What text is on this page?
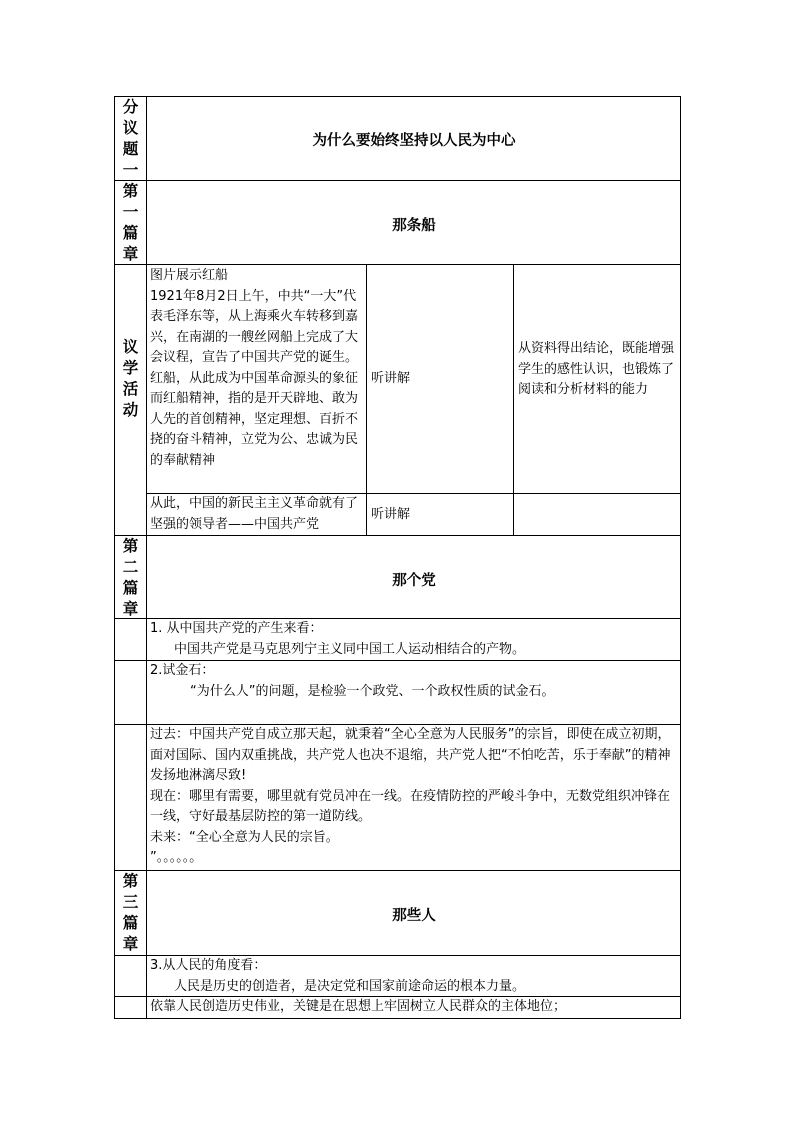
分
议
题
一
为什么要始终坚持以人民为中心
第
一
篇
章
那条船
议
学
活
动

图片展示红船

1921年8月2日上午，中共“一大”代表毛泽东等，从上海乘火车转移到嘉兴，在南湖的一艘丝网船上完成了大会议程，宣告了中国共产党的诞生。红船，从此成为中国革命源头的象征

而红船精神，指的是开天辟地、敢为人先的首创精神，坚定理想、百折不挠的奋斗精神，立党为公、忠诚为民的奉献精神

听讲解
从资料得出结论，既能增强学生的感性认识，也锻炼了阅读和分析材料的能力
从此，中国的新民主主义革命就有了坚强的领导者——中国共产党
听讲解
第
二
篇
章
那个党

1. 从中国共产党的产生来看：

中国共产党是马克思列宁主义同中国工人运动相结合的产物。

2.试金石：

“为什么人”的问题，是检验一个政党、一个政权性质的试金石。

过去：中国共产党自成立那天起，就秉着“全心全意为人民服务”的宗旨，即使在成立初期，面对国际、国内双重挑战，共产党人也决不退缩，共产党人把“不怕吃苦，乐于奉献”的精神发扬地淋漓尽致!

现在：哪里有需要，哪里就有党员冲在一线。在疫情防控的严峻斗争中，无数党组织冲锋在一线，守好最基层防控的第一道防线。

未来：“全心全意为人民的宗旨。

”。。。。。。

第
三
篇
章
那些人

3.从人民的角度看：

人民是历史的创造者，是决定党和国家前途命运的根本力量。

依靠人民创造历史伟业，关键是在思想上牢固树立人民群众的主体地位；
